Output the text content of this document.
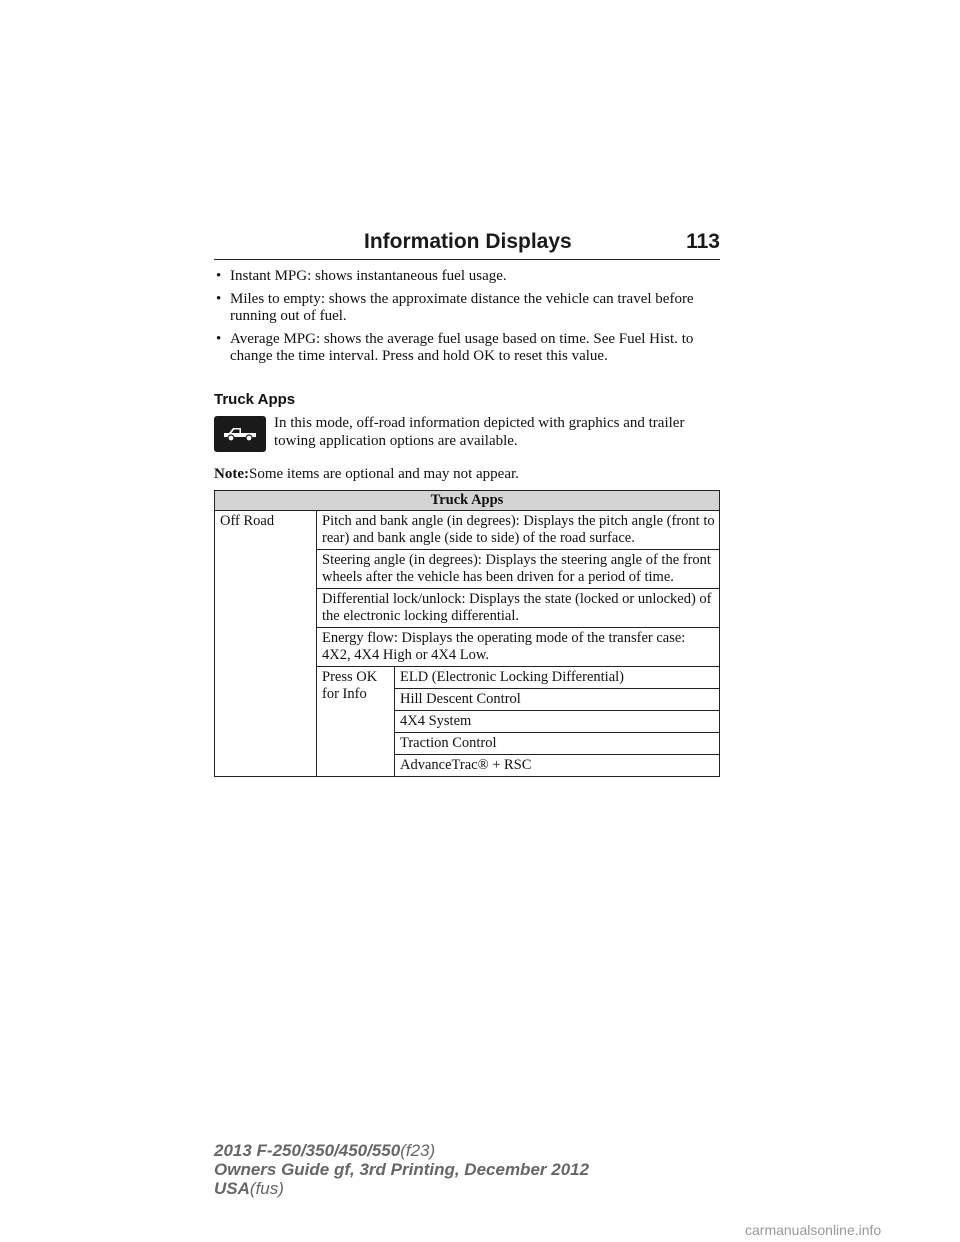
Information Displays	113
• Instant MPG: shows instantaneous fuel usage.
• Miles to empty: shows the approximate distance the vehicle can travel before running out of fuel.
• Average MPG: shows the average fuel usage based on time. See Fuel Hist. to change the time interval. Press and hold OK to reset this value.
Truck Apps
In this mode, off-road information depicted with graphics and trailer towing application options are available.
Note:Some items are optional and may not appear.
Truck Apps		
Off Road	Pitch and bank angle (in degrees): Displays the pitch angle (front to rear) and bank angle (side to side) of the road surface.	
	Steering angle (in degrees): Displays the steering angle of the front wheels after the vehicle has been driven for a period of time.	
	Differential lock/unlock: Displays the state (locked or unlocked) of the electronic locking differential.	
	Energy flow: Displays the operating mode of the transfer case: 4X2, 4X4 High or 4X4 Low.	
	Press OK for Info	ELD (Electronic Locking Differential)
		Hill Descent Control
		4X4 System
		Traction Control
		AdvanceTrac® + RSC
2013 F-250/350/450/550(f23)
Owners Guide gf, 3rd Printing, December 2012
USA(fus)
carmanualsonline.info
